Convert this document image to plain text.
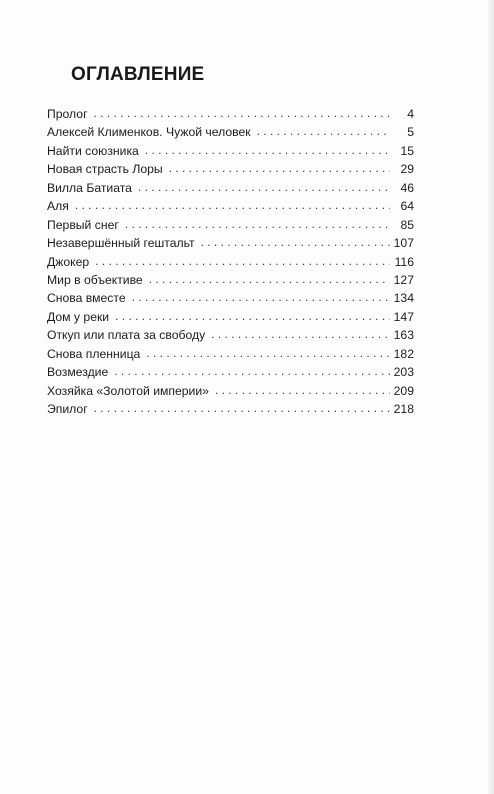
ОГЛАВЛЕНИЕ
Пролог . . .	4
Алексей Клименков. Чужой человек . . .	5
Найти союзника . . .	15
Новая страсть Лоры . . .	29
Вилла Батиата . . .	46
Аля . . .	64
Первый снег . . .	85
Незавершённый гештальт . . .	107
Джокер . . .	116
Мир в объективе . . .	127
Снова вместе . . .	134
Дом у реки . . .	147
Откуп или плата за свободу . . .	163
Снова пленница . . .	182
Возмездие . . .	203
Хозяйка «Золотой империи» . . .	209
Эпилог . . .	218
